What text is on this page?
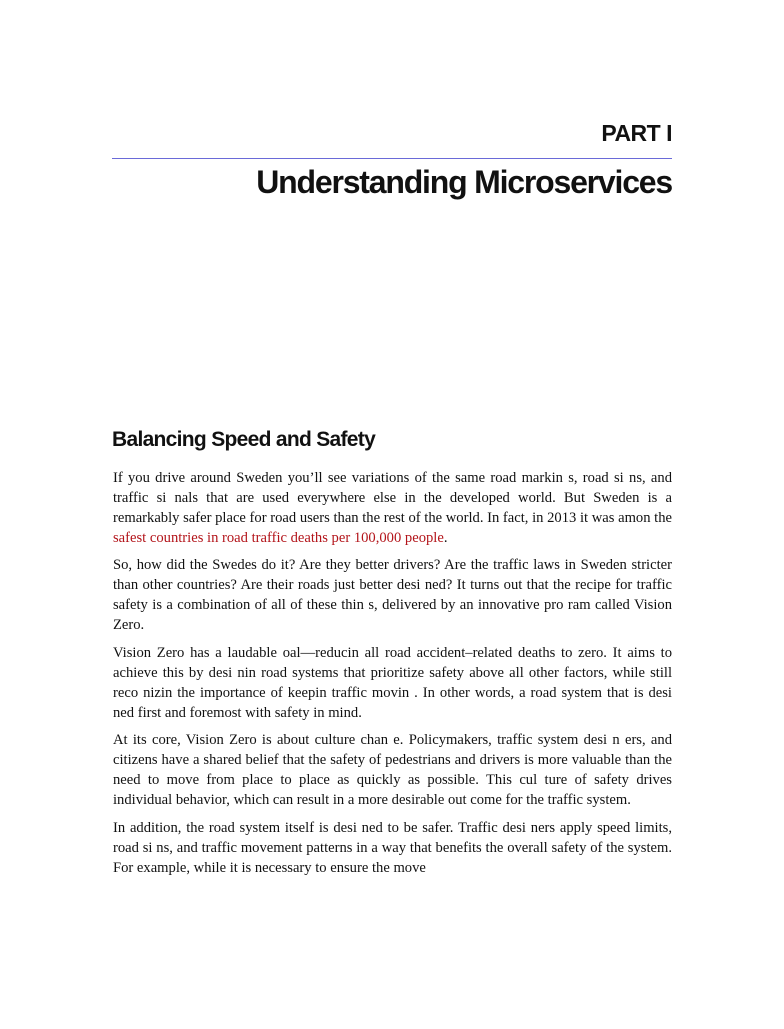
PART I
Understanding Microservices
Balancing Speed and Safety

If you drive around Sweden you’ll see variations of the same road markin s, road si ns, and traffic si nals that are used everywhere else in the developed world. But Sweden is a remarkably safer place for road users than the rest of the world. In fact, in 2013 it was amon the safest countries in road traffic deaths per 100,000 people.

So, how did the Swedes do it? Are they better drivers? Are the traffic laws in Sweden stricter than other countries? Are their roads just better desi ned? It turns out that the recipe for traffic safety is a combination of all of these thin s, delivered by an innovative pro ram called Vision Zero.

Vision Zero has a laudable oal—reducin all road accident–related deaths to zero. It aims to achieve this by desi nin road systems that prioritize safety above all other factors, while still reco nizin the importance of keepin traffic movin . In other words, a road system that is desi ned first and foremost with safety in mind.

At its core, Vision Zero is about culture chan e. Policymakers, traffic system desi n ers, and citizens have a shared belief that the safety of pedestrians and drivers is more valuable than the need to move from place to place as quickly as possible. This cul ture of safety drives individual behavior, which can result in a more desirable out come for the traffic system.

In addition, the road system itself is desi ned to be safer. Traffic desi ners apply speed limits, road si ns, and traffic movement patterns in a way that benefits the overall safety of the system. For example, while it is necessary to ensure the move
